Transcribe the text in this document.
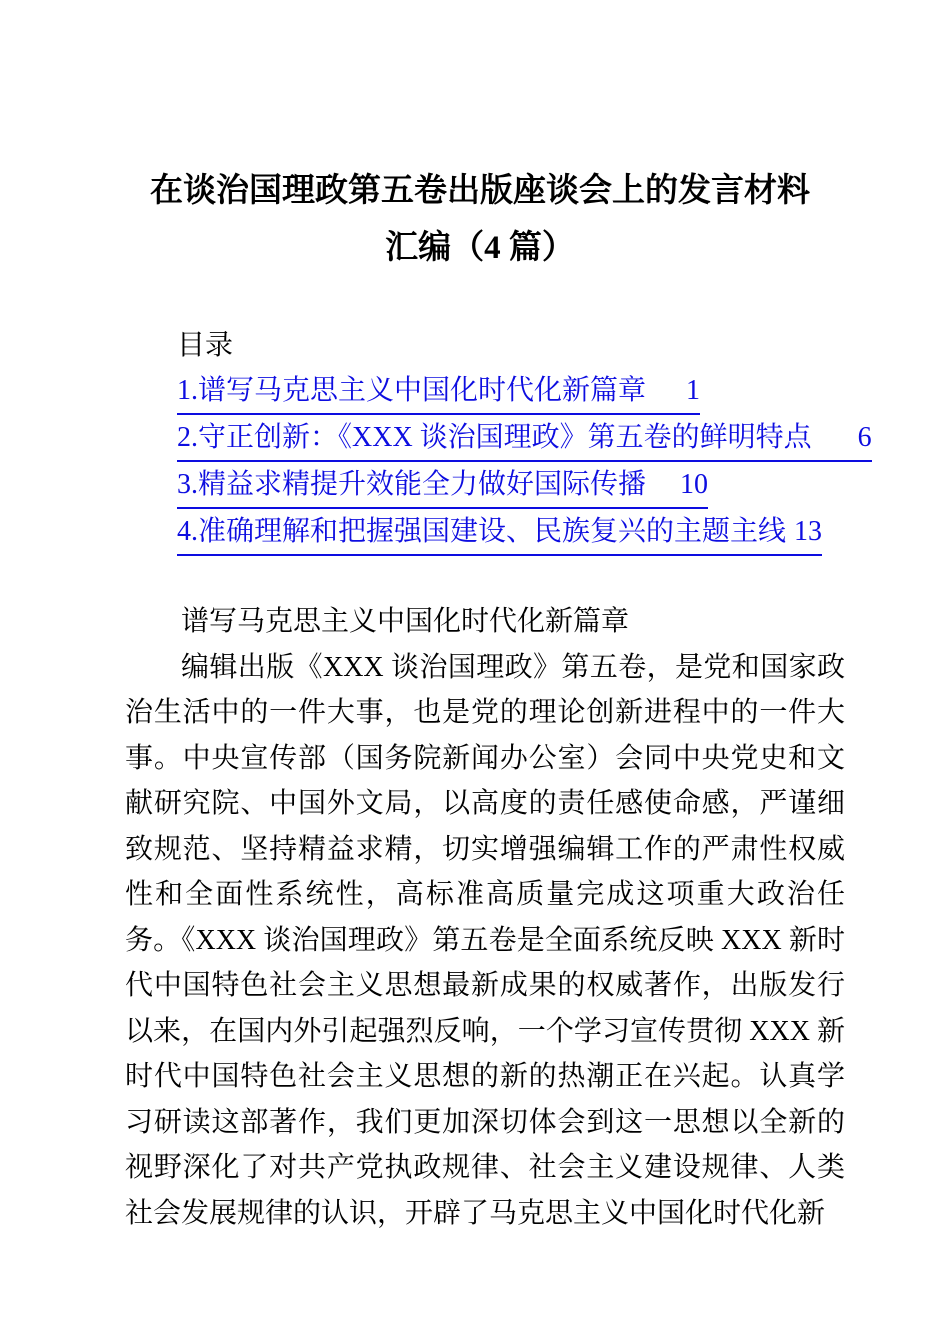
在谈治国理政第五卷出版座谈会上的发言材料
汇编（4 篇）
目录
1.谱写马克思主义中国化时代化新篇章 1
2.守正创新：《XXX 谈治国理政》第五卷的鲜明特点 6
3.精益求精提升效能全力做好国际传播 10
4.准确理解和把握强国建设、民族复兴的主题主线 13
谱写马克思主义中国化时代化新篇章

编辑出版《XXX 谈治国理政》第五卷，是党和国家政治生活中的一件大事，也是党的理论创新进程中的一件大事。中央宣传部（国务院新闻办公室）会同中央党史和文献研究院、中国外文局，以高度的责任感使命感，严谨细致规范、坚持精益求精，切实增强编辑工作的严肃性权威性和全面性系统性，高标准高质量完成这项重大政治任务。《XXX 谈治国理政》第五卷是全面系统反映 XXX 新时代中国特色社会主义思想最新成果的权威著作，出版发行以来，在国内外引起强烈反响，一个学习宣传贯彻 XXX 新时代中国特色社会主义思想的新的热潮正在兴起。认真学习研读这部著作，我们更加深切体会到这一思想以全新的视野深化了对共产党执政规律、社会主义建设规律、人类社会发展规律的认识，开辟了马克思主义中国化时代化新
